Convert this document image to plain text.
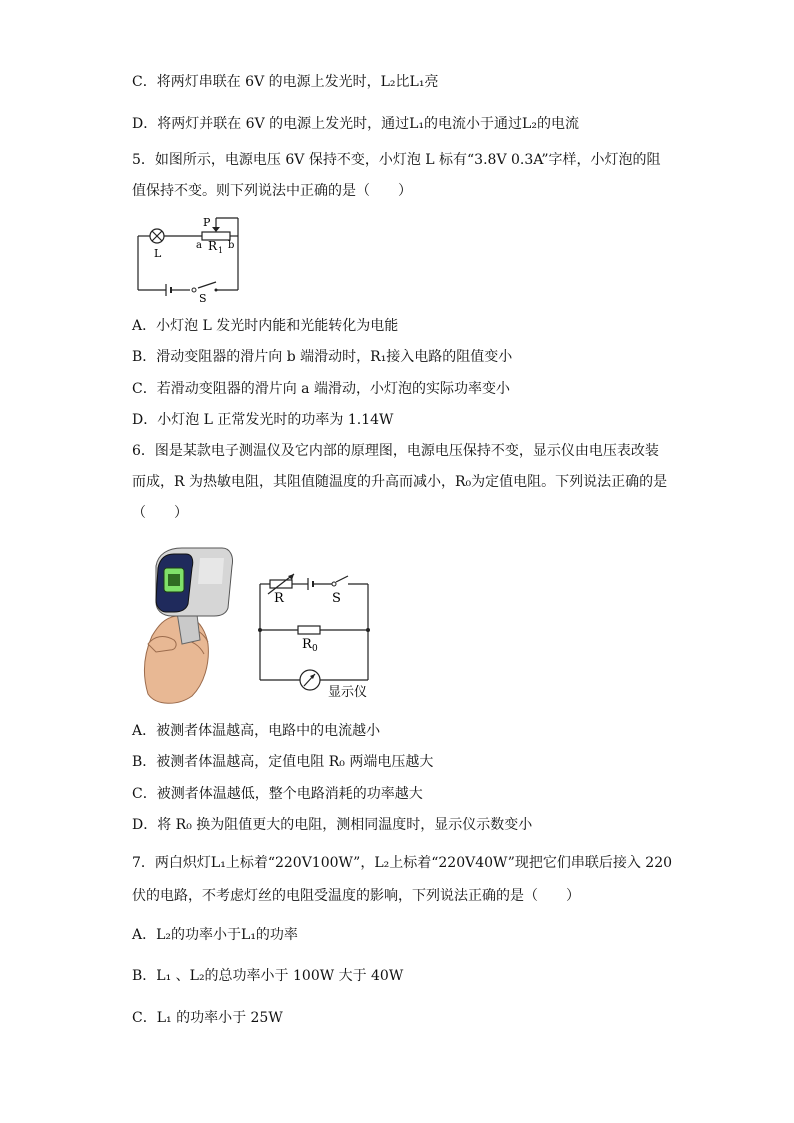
C．将两灯串联在 6V 的电源上发光时，L₂比L₁亮
D．将两灯并联在 6V 的电源上发光时，通过L₁的电流小于通过L₂的电流
5．如图所示，电源电压 6V 保持不变，小灯泡 L 标有“3.8V 0.3A”字样，小灯泡的阻
值保持不变。则下列说法中正确的是（　　）
L
P
a R 1 b
S
A．小灯泡 L 发光时内能和光能转化为电能
B．滑动变阻器的滑片向 b 端滑动时，R₁接入电路的阻值变小
C．若滑动变阻器的滑片向 a 端滑动，小灯泡的实际功率变小
D．小灯泡 L 正常发光时的功率为 1.14W
6．图是某款电子测温仪及它内部的原理图，电源电压保持不变，显示仪由电压表改装
而成，R 为热敏电阻，其阻值随温度的升高而减小，R₀为定值电阻。下列说法正确的是
（　　）
R	S
R 0
显示仪
A．被测者体温越高，电路中的电流越小
B．被测者体温越高，定值电阻 R₀ 两端电压越大
C．被测者体温越低，整个电路消耗的功率越大
D．将 R₀ 换为阻值更大的电阻，测相同温度时，显示仪示数变小
7．两白炽灯L₁上标着“220V100W”，L₂上标着“220V40W”现把它们串联后接入 220
伏的电路，不考虑灯丝的电阻受温度的影响，下列说法正确的是（　　）
A．L₂的功率小于L₁的功率
B．L₁ 、L₂的总功率小于 100W 大于 40W
C．L₁ 的功率小于 25W
